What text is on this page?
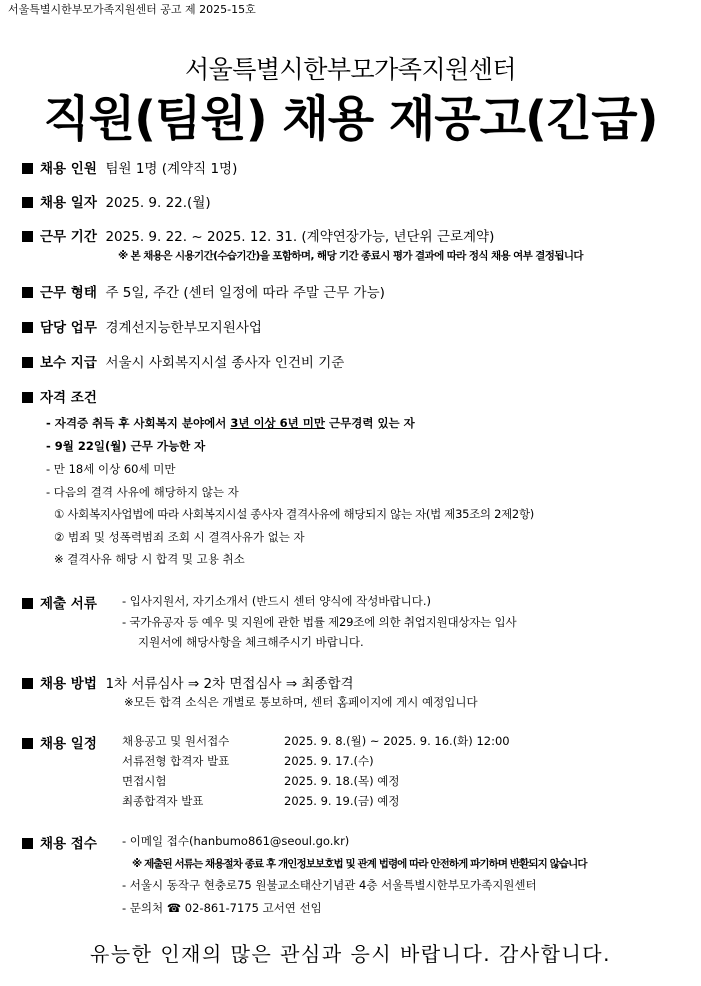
서울특별시한부모가족지원센터 공고 제 2025-15호
서울특별시한부모가족지원센터
직원(팀원) 채용 재공고(긴급)
채용 인원 팀원 1명 (계약직 1명)
채용 일자 2025. 9. 22.(월)
근무 기간 2025. 9. 22. ~ 2025. 12. 31. (계약연장가능, 년단위 근로계약)
※ 본 채용은 시용기간(수습기간)을 포함하며, 해당 기간 종료시 평가 결과에 따라 정식 채용 여부 결정됩니다
근무 형태 주 5일, 주간 (센터 일정에 따라 주말 근무 가능)
담당 업무 경계선지능한부모지원사업
보수 지급 서울시 사회복지시설 종사자 인건비 기준
자격 조건
- 자격증 취득 후 사회복지 분야에서 3년 이상 6년 미만 근무경력 있는 자
- 9월 22일(월) 근무 가능한 자
- 만 18세 이상 60세 미만
- 다음의 결격 사유에 해당하지 않는 자
① 사회복지사업법에 따라 사회복지시설 종사자 결격사유에 해당되지 않는 자(법 제35조의 2제2항)
② 범죄 및 성폭력범죄 조회 시 결격사유가 없는 자
※ 결격사유 해당 시 합격 및 고용 취소
제출 서류 - 입사지원서, 자기소개서 (반드시 센터 양식에 작성바랍니다.)
- 국가유공자 등 예우 및 지원에 관한 법률 제29조에 의한 취업지원대상자는 입사
지원서에 해당사항을 체크해주시기 바랍니다.
채용 방법 1차 서류심사 ⇒ 2차 면접심사 ⇒ 최종합격
※모든 합격 소식은 개별로 통보하며, 센터 홈페이지에 게시 예정입니다
채용 일정 채용공고 및 원서접수	2025. 9. 8.(월) ~ 2025. 9. 16.(화) 12:00
서류전형 합격자 발표	2025. 9. 17.(수)
면접시험	2025. 9. 18.(목) 예정
최종합격자 발표	2025. 9. 19.(금) 예정
채용 접수 - 이메일 접수(hanbumo861@seoul.go.kr)
※ 제출된 서류는 채용절차 종료 후 개인정보보호법 및 관계 법령에 따라 안전하게 파기하며 반환되지 않습니다
- 서울시 동작구 현충로75 원불교소태산기념관 4층 서울특별시한부모가족지원센터
- 문의처 ☎ 02-861-7175 고서연 선임
유능한 인재의 많은 관심과 응시 바랍니다. 감사합니다.
